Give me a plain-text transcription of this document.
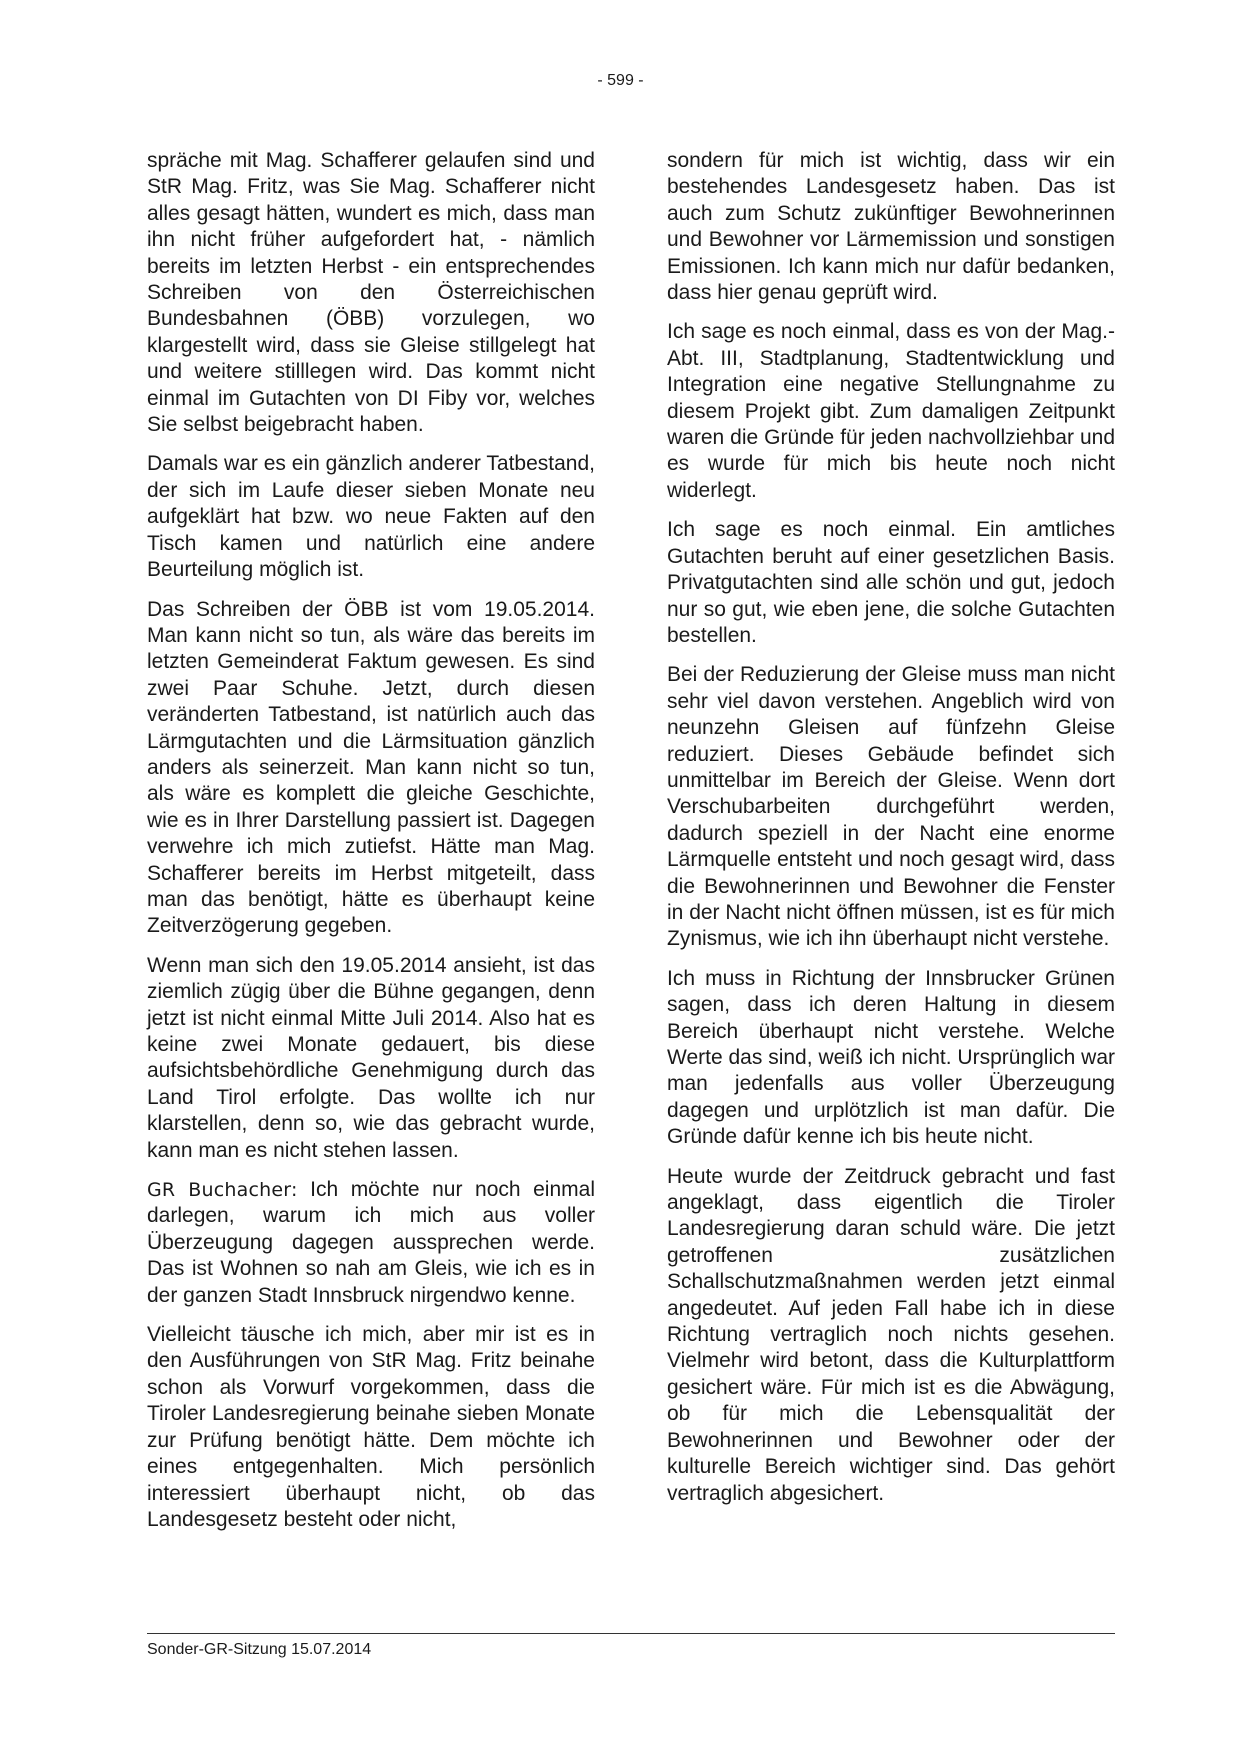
- 599 -

spräche mit Mag. Schafferer gelaufen sind und StR Mag. Fritz, was Sie Mag. Schafferer nicht alles gesagt hätten, wundert es mich, dass man ihn nicht früher aufgefordert hat, - nämlich bereits im letzten Herbst - ein entsprechendes Schreiben von den Österreichischen Bundesbahnen (ÖBB) vorzulegen, wo klargestellt wird, dass sie Gleise stillgelegt hat und weitere stilllegen wird. Das kommt nicht einmal im Gutachten von DI Fiby vor, welches Sie selbst beigebracht haben.

Damals war es ein gänzlich anderer Tatbestand, der sich im Laufe dieser sieben Monate neu aufgeklärt hat bzw. wo neue Fakten auf den Tisch kamen und natürlich eine andere Beurteilung möglich ist.

Das Schreiben der ÖBB ist vom 19.05.2014. Man kann nicht so tun, als wäre das bereits im letzten Gemeinderat Faktum gewesen. Es sind zwei Paar Schuhe. Jetzt, durch diesen veränderten Tatbestand, ist natürlich auch das Lärmgutachten und die Lärmsituation gänzlich anders als seinerzeit. Man kann nicht so tun, als wäre es komplett die gleiche Geschichte, wie es in Ihrer Darstellung passiert ist. Dagegen verwehre ich mich zutiefst. Hätte man Mag. Schafferer bereits im Herbst mitgeteilt, dass man das benötigt, hätte es überhaupt keine Zeitverzögerung gegeben.

Wenn man sich den 19.05.2014 ansieht, ist das ziemlich zügig über die Bühne gegangen, denn jetzt ist nicht einmal Mitte Juli 2014. Also hat es keine zwei Monate gedauert, bis diese aufsichtsbehördliche Genehmigung durch das Land Tirol erfolgte. Das wollte ich nur klarstellen, denn so, wie das gebracht wurde, kann man es nicht stehen lassen.

GR Buchacher: Ich möchte nur noch einmal darlegen, warum ich mich aus voller Überzeugung dagegen aussprechen werde. Das ist Wohnen so nah am Gleis, wie ich es in der ganzen Stadt Innsbruck nirgendwo kenne.

Vielleicht täusche ich mich, aber mir ist es in den Ausführungen von StR Mag. Fritz beinahe schon als Vorwurf vorgekommen, dass die Tiroler Landesregierung beinahe sieben Monate zur Prüfung benötigt hätte. Dem möchte ich eines entgegenhalten. Mich persönlich interessiert überhaupt nicht, ob das Landesgesetz besteht oder nicht,

sondern für mich ist wichtig, dass wir ein bestehendes Landesgesetz haben. Das ist auch zum Schutz zukünftiger Bewohnerinnen und Bewohner vor Lärmemission und sonstigen Emissionen. Ich kann mich nur dafür bedanken, dass hier genau geprüft wird.

Ich sage es noch einmal, dass es von der Mag.-Abt. III, Stadtplanung, Stadtentwicklung und Integration eine negative Stellungnahme zu diesem Projekt gibt. Zum damaligen Zeitpunkt waren die Gründe für jeden nachvollziehbar und es wurde für mich bis heute noch nicht widerlegt.

Ich sage es noch einmal. Ein amtliches Gutachten beruht auf einer gesetzlichen Basis. Privatgutachten sind alle schön und gut, jedoch nur so gut, wie eben jene, die solche Gutachten bestellen.

Bei der Reduzierung der Gleise muss man nicht sehr viel davon verstehen. Angeblich wird von neunzehn Gleisen auf fünfzehn Gleise reduziert. Dieses Gebäude befindet sich unmittelbar im Bereich der Gleise. Wenn dort Verschubarbeiten durchgeführt werden, dadurch speziell in der Nacht eine enorme Lärmquelle entsteht und noch gesagt wird, dass die Bewohnerinnen und Bewohner die Fenster in der Nacht nicht öffnen müssen, ist es für mich Zynismus, wie ich ihn überhaupt nicht verstehe.

Ich muss in Richtung der Innsbrucker Grünen sagen, dass ich deren Haltung in diesem Bereich überhaupt nicht verstehe. Welche Werte das sind, weiß ich nicht. Ursprünglich war man jedenfalls aus voller Überzeugung dagegen und urplötzlich ist man dafür. Die Gründe dafür kenne ich bis heute nicht.

Heute wurde der Zeitdruck gebracht und fast angeklagt, dass eigentlich die Tiroler Landesregierung daran schuld wäre. Die jetzt getroffenen zusätzlichen Schallschutzmaßnahmen werden jetzt einmal angedeutet. Auf jeden Fall habe ich in diese Richtung vertraglich noch nichts gesehen. Vielmehr wird betont, dass die Kulturplattform gesichert wäre. Für mich ist es die Abwägung, ob für mich die Lebensqualität der Bewohnerinnen und Bewohner oder der kulturelle Bereich wichtiger sind. Das gehört vertraglich abgesichert.

Sonder-GR-Sitzung 15.07.2014
